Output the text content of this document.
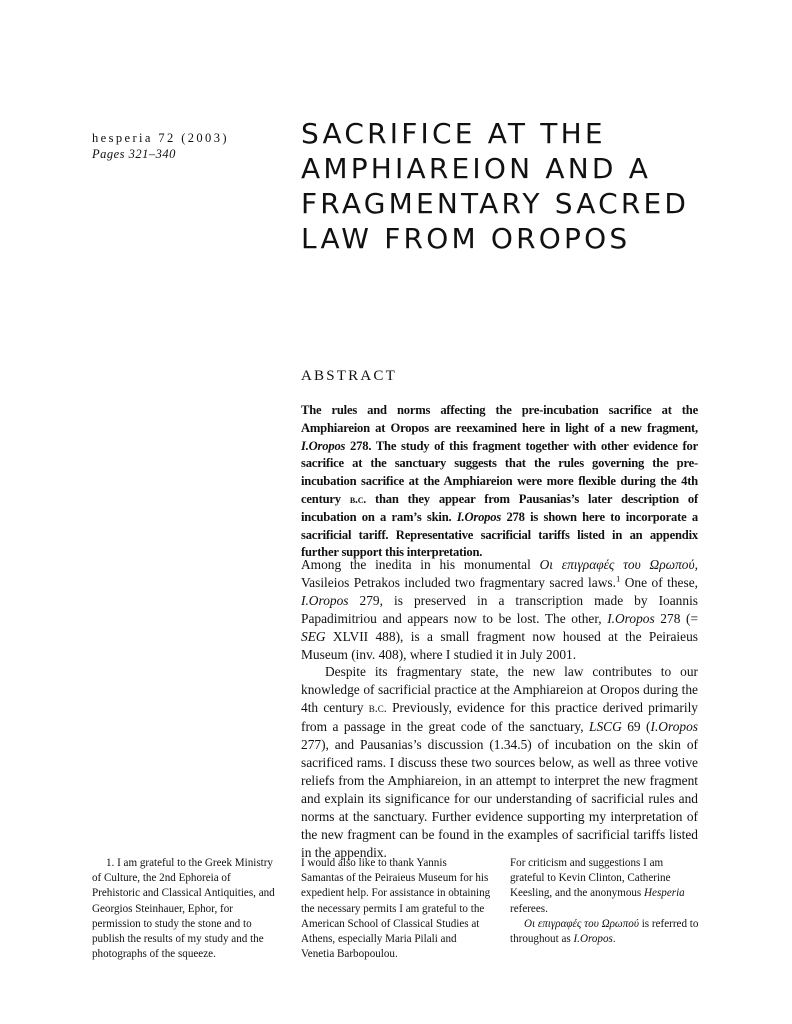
hesperia 72 (2003)
Pages 321–340
SACRIFICE AT THE
AMPHIAREION AND A
FRAGMENTARY SACRED
LAW FROM OROPOS
ABSTRACT

The rules and norms affecting the pre-incubation sacrifice at the Amphiareion at Oropos are reexamined here in light of a new fragment, I.Oropos 278. The study of this fragment together with other evidence for sacrifice at the sanctuary suggests that the rules governing the pre-incubation sacrifice at the Amphiareion were more flexible during the 4th century b.c. than they appear from Pausanias’s later description of incubation on a ram’s skin. I.Oropos 278 is shown here to incorporate a sacrificial tariff. Representative sacrificial tariffs listed in an appendix further support this interpretation.

Among the inedita in his monumental Οι επιγραφές του Ωρωπού, Vasileios Petrakos included two fragmentary sacred laws.$^1$ One of these, I.Oropos 279, is preserved in a transcription made by Ioannis Papadimitriou and appears now to be lost. The other, I.Oropos 278 (= SEG XLVII 488), is a small fragment now housed at the Peiraieus Museum (inv. 408), where I studied it in July 2001.

Despite its fragmentary state, the new law contributes to our knowledge of sacrificial practice at the Amphiareion at Oropos during the 4th century b.c. Previously, evidence for this practice derived primarily from a passage in the great code of the sanctuary, LSCG 69 (I.Oropos 277), and Pausanias’s discussion (1.34.5) of incubation on the skin of sacrificed rams. I discuss these two sources below, as well as three votive reliefs from the Amphiareion, in an attempt to interpret the new fragment and explain its significance for our understanding of sacrificial rules and norms at the sanctuary. Further evidence supporting my interpretation of the new fragment can be found in the examples of sacrificial tariffs listed in the appendix.

1. I am grateful to the Greek Ministry of Culture, the 2nd Ephoreia of Prehistoric and Classical Antiquities, and Georgios Steinhauer, Ephor, for permission to study the stone and to publish the results of my study and the photographs of the squeeze.

I would also like to thank Yannis Samantas of the Peiraieus Museum for his expedient help. For assistance in obtaining the necessary permits I am grateful to the American School of Classical Studies at Athens, especially Maria Pilali and Venetia Barbopoulou.

For criticism and suggestions I am grateful to Kevin Clinton, Catherine Keesling, and the anonymous Hesperia referees.

Οι επιγραφές του Ωρωπού is referred to throughout as I.Oropos.
